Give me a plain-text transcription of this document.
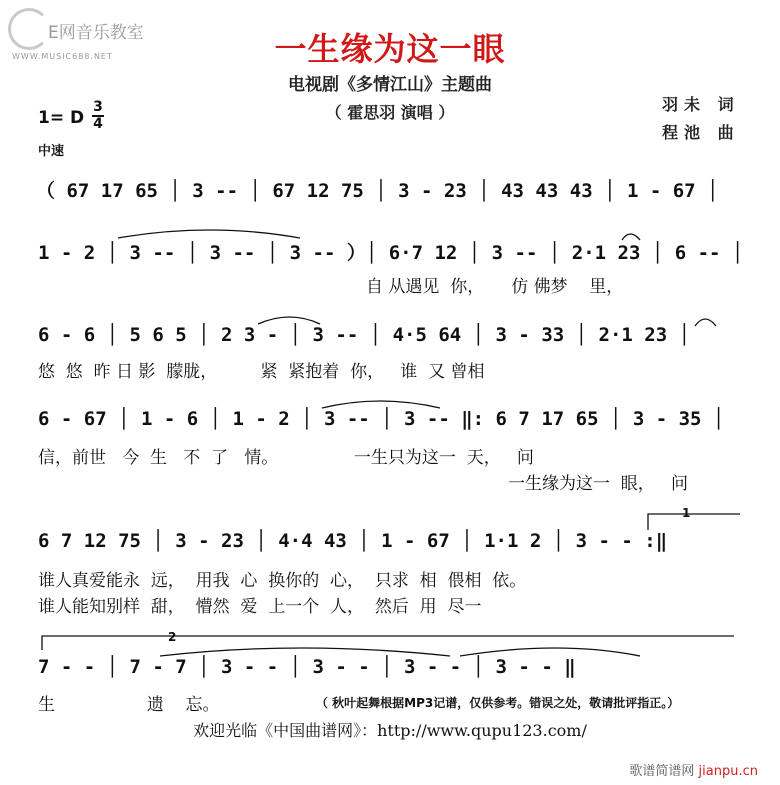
E网音乐教室
WWW.MUSIC688.NET	一生缘为这一眼
电视剧《多情江山》主题曲
（ 霍思羽 演唱 ）	羽未 词
程池 曲
1= D
3
4
中速
（ 67 17 65 │ 3 -- │ 67 12 75 │ 3 - 23 │ 43 43 43 │ 1 - 67 │
1 - 2 │ 3 -- │ 3 -- │ 3 -- ）│ 6·7 12 │ 3 -- │ 2·1 23 │ 6 -- │
自 从遇见  你，     仿 佛梦    里，
6 - 6 │ 5 6 5 │ 2 3 - │ 3 -- │ 4·5 64 │ 3 - 33 │ 2·1 23 │
悠  悠  昨 日 影  朦胧，        紧  紧抱着  你，   谁  又 曾相
6 - 67 │ 1 - 6 │ 1 - 2 │ 3 -- │ 3 -- ‖: 6 7 17 65 │ 3 - 35 │
信，前世   今  生   不  了   情。              一生只为这一  天，   问
一生缘为这一  眼，   问
1
6 7 12 75 │ 3 - 23 │ 4·4 43 │ 1 - 67 │ 1·1 2 │ 3 - - :‖
谁人真爱能永  远，  用我  心  换你的  心，  只求  相  偎相  依。
谁人能知别样  甜，  懵然  爱  上一个  人，  然后  用  尽一
2
7 - - │ 7 - 7 │ 3 - - │ 3 - - │ 3 - - │ 3 - - ‖
生                 遗    忘。	（ 秋叶起舞根据MP3记谱，仅供参考。错误之处，敬请批评指正。）
欢迎光临《中国曲谱网》：http://www.qupu123.com/
歌谱简谱网 jianpu.cn
